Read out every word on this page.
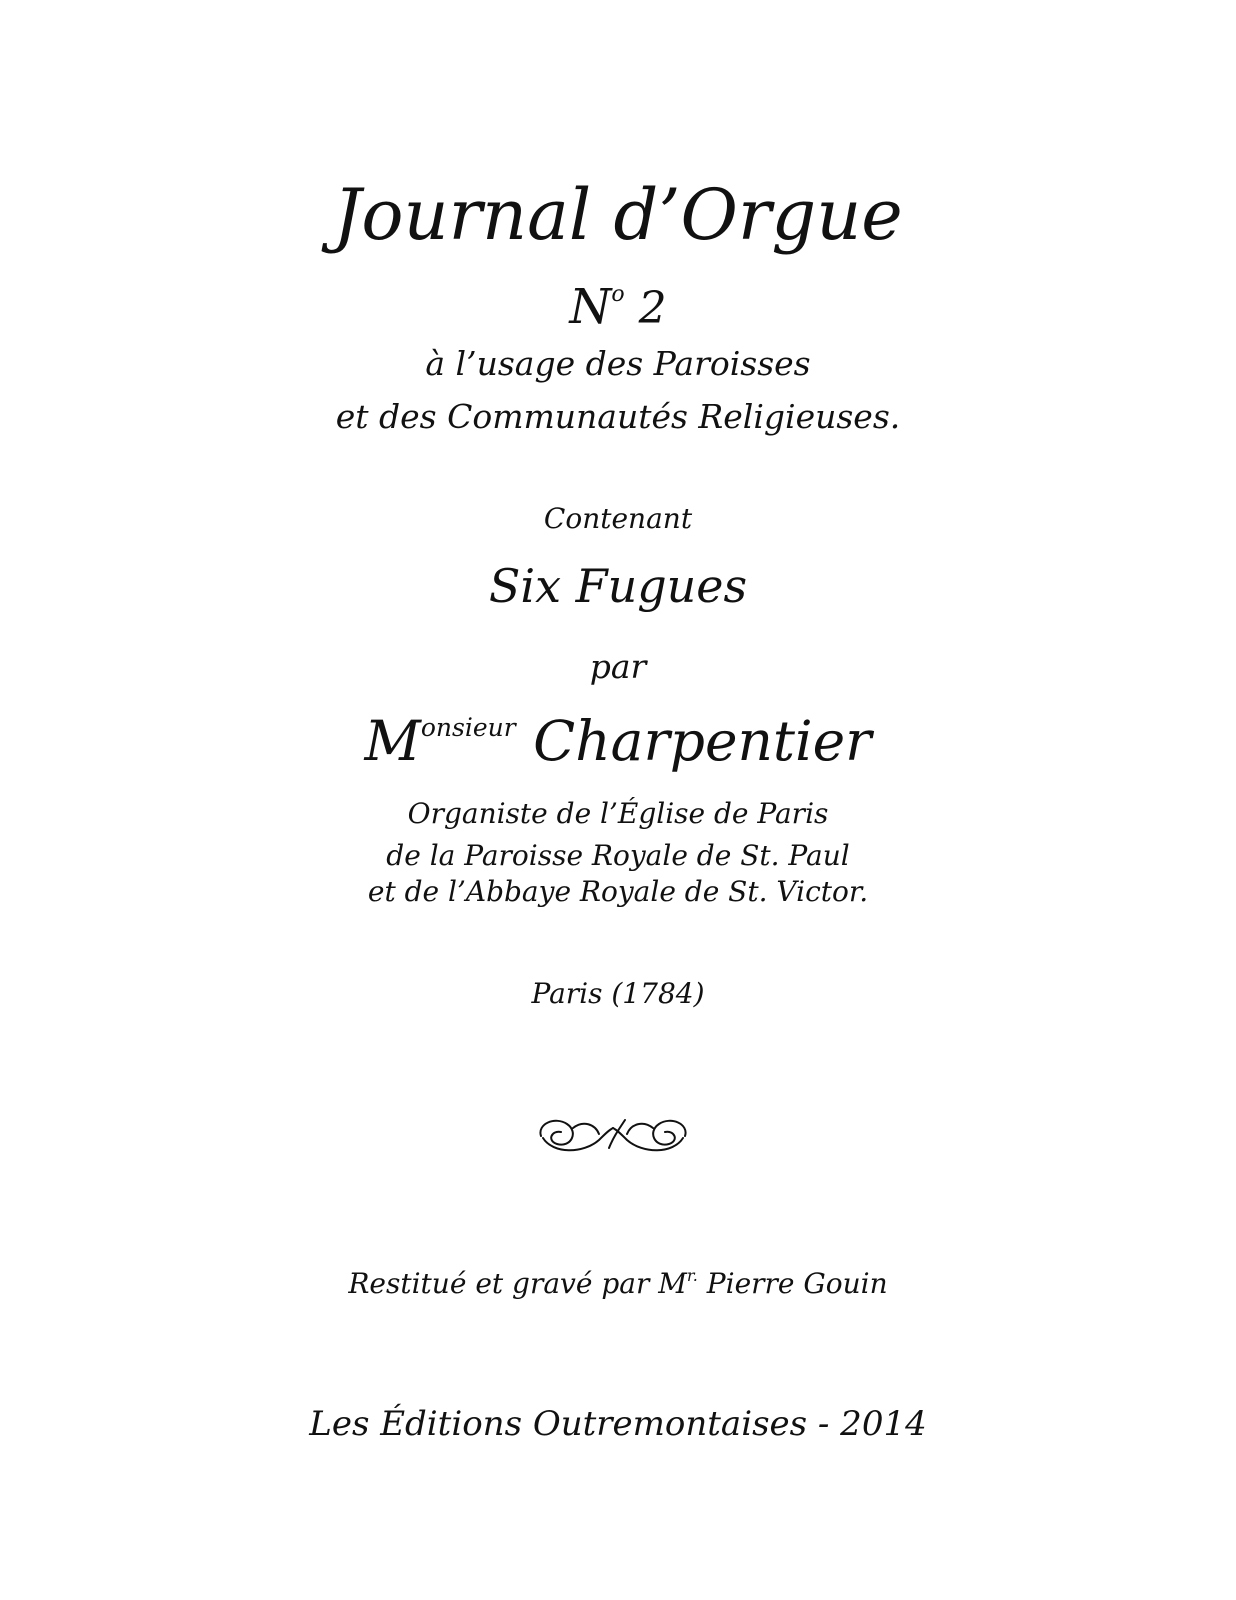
Journal d’Orgue
$N^o$ 2
à l’usage des Paroisses
et des Communautés Religieuses.
Contenant
Six Fugues
par
$M^{onsieur}$ Charpentier
Organiste de l’Église de Paris
de la Paroisse Royale de St. Paul
et de l’Abbaye Royale de St. Victor.
Paris (1784)
Restitué et gravé par $M^{r.}$ Pierre Gouin
Les Éditions Outremontaises - 2014
